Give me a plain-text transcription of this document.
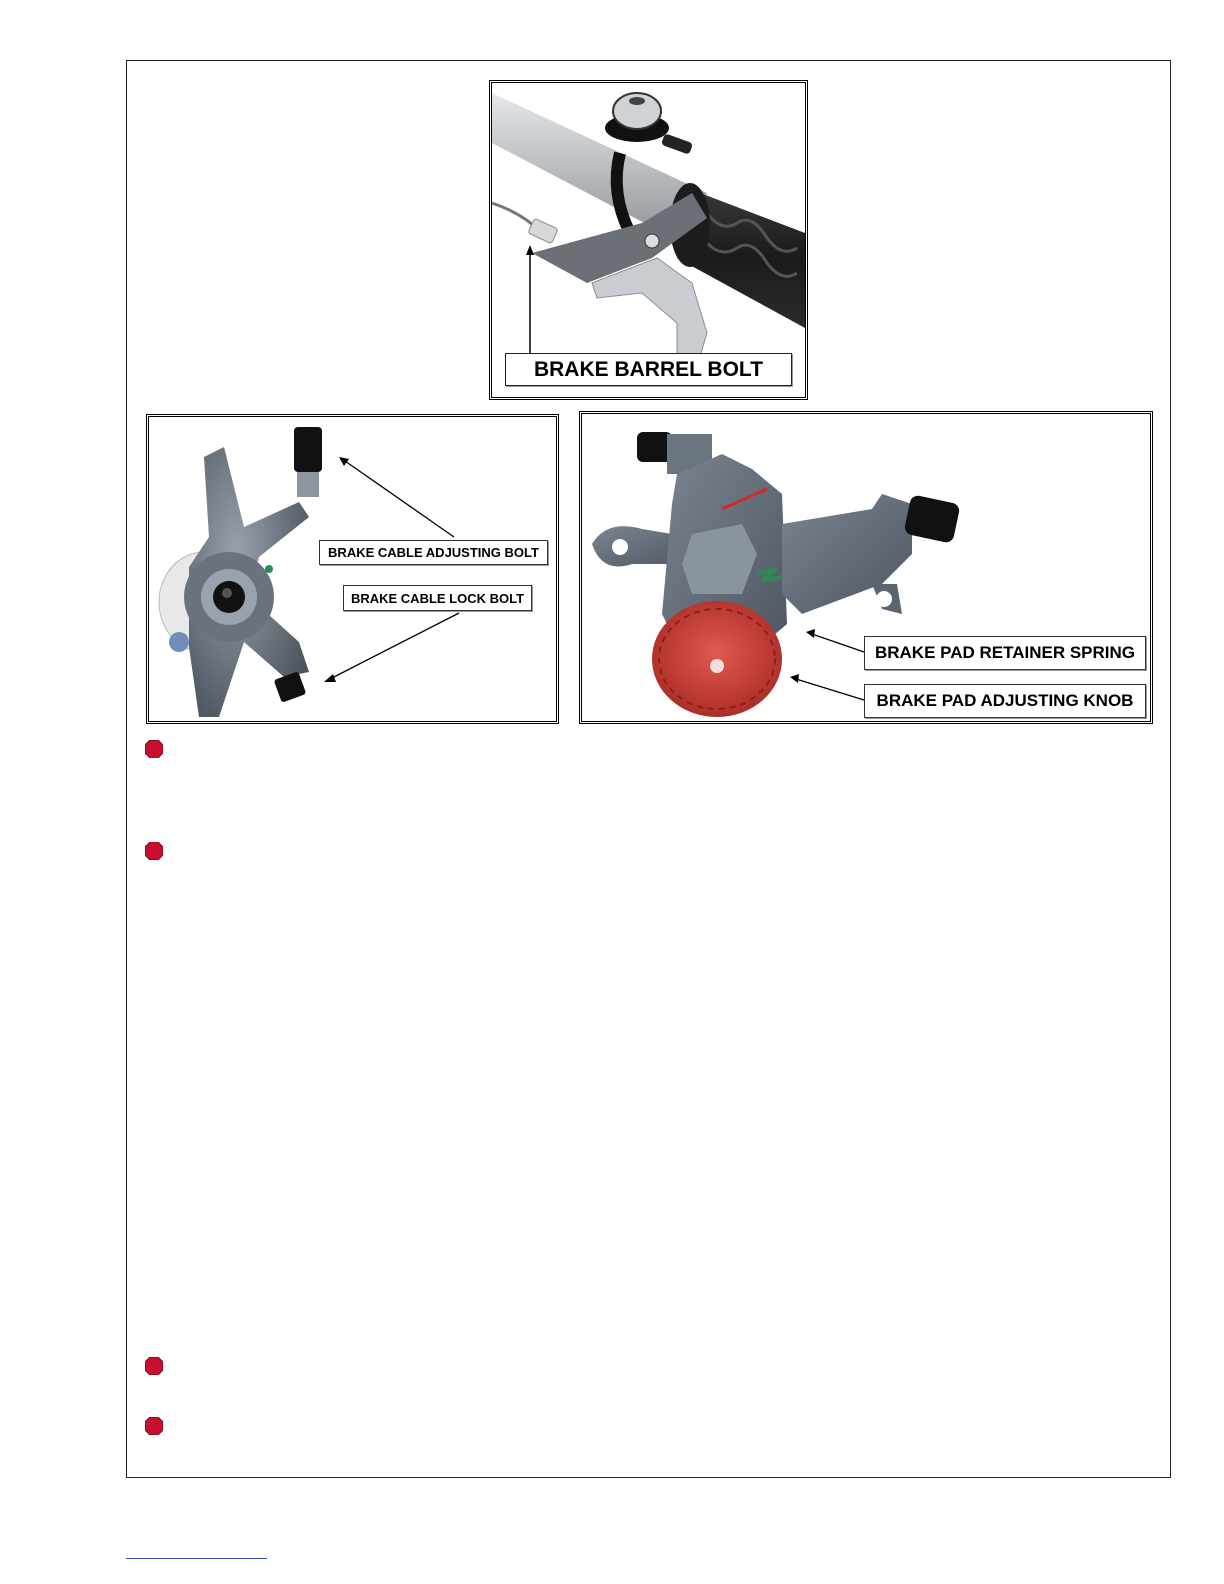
BRAKE BARREL BOLT
BRAKE CABLE ADJUSTING BOLT
BRAKE CABLE LOCK BOLT
BRAKE PAD RETAINER SPRING
BRAKE PAD ADJUSTING KNOB
